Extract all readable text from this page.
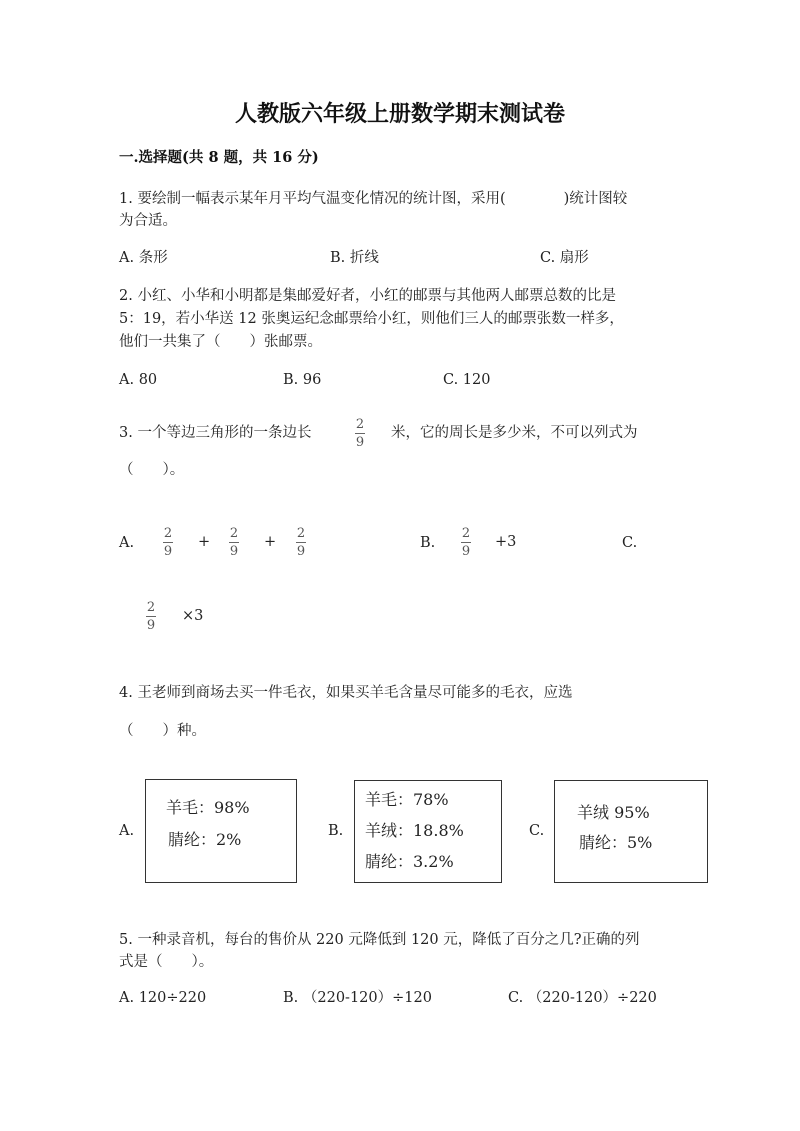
人教版六年级上册数学期末测试卷
一.选择题(共 8 题，共 16 分)
1. 要绘制一幅表示某年月平均气温变化情况的统计图，采用(　　　　)统计图较
为合适。
A. 条形	B. 折线	C. 扇形
2. 小红、小华和小明都是集邮爱好者，小红的邮票与其他两人邮票总数的比是
5：19，若小华送 12 张奥运纪念邮票给小红，则他们三人的邮票张数一样多，
他们一共集了（　　）张邮票。
A. 80	B. 96	C. 120
3. 一个等边三角形的一条边长
2
9
米，它的周长是多少米，不可以列式为
（　　）。
A.
2
9
+
2
9
+
2
9
B.
2
9
+3	C.
2
9
×3
4. 王老师到商场去买一件毛衣，如果买羊毛含量尽可能多的毛衣，应选
（　　）种。
A.
羊毛：98%
腈纶：2%	B.
羊毛：78%
羊绒：18.8%
腈纶：3.2%
C.
羊绒 95%
腈纶：5%
5. 一种录音机，每台的售价从 220 元降低到 120 元，降低了百分之几?正确的列
式是（　　）。
A. 120÷220	B. （220-120）÷120	C. （220-120）÷220
